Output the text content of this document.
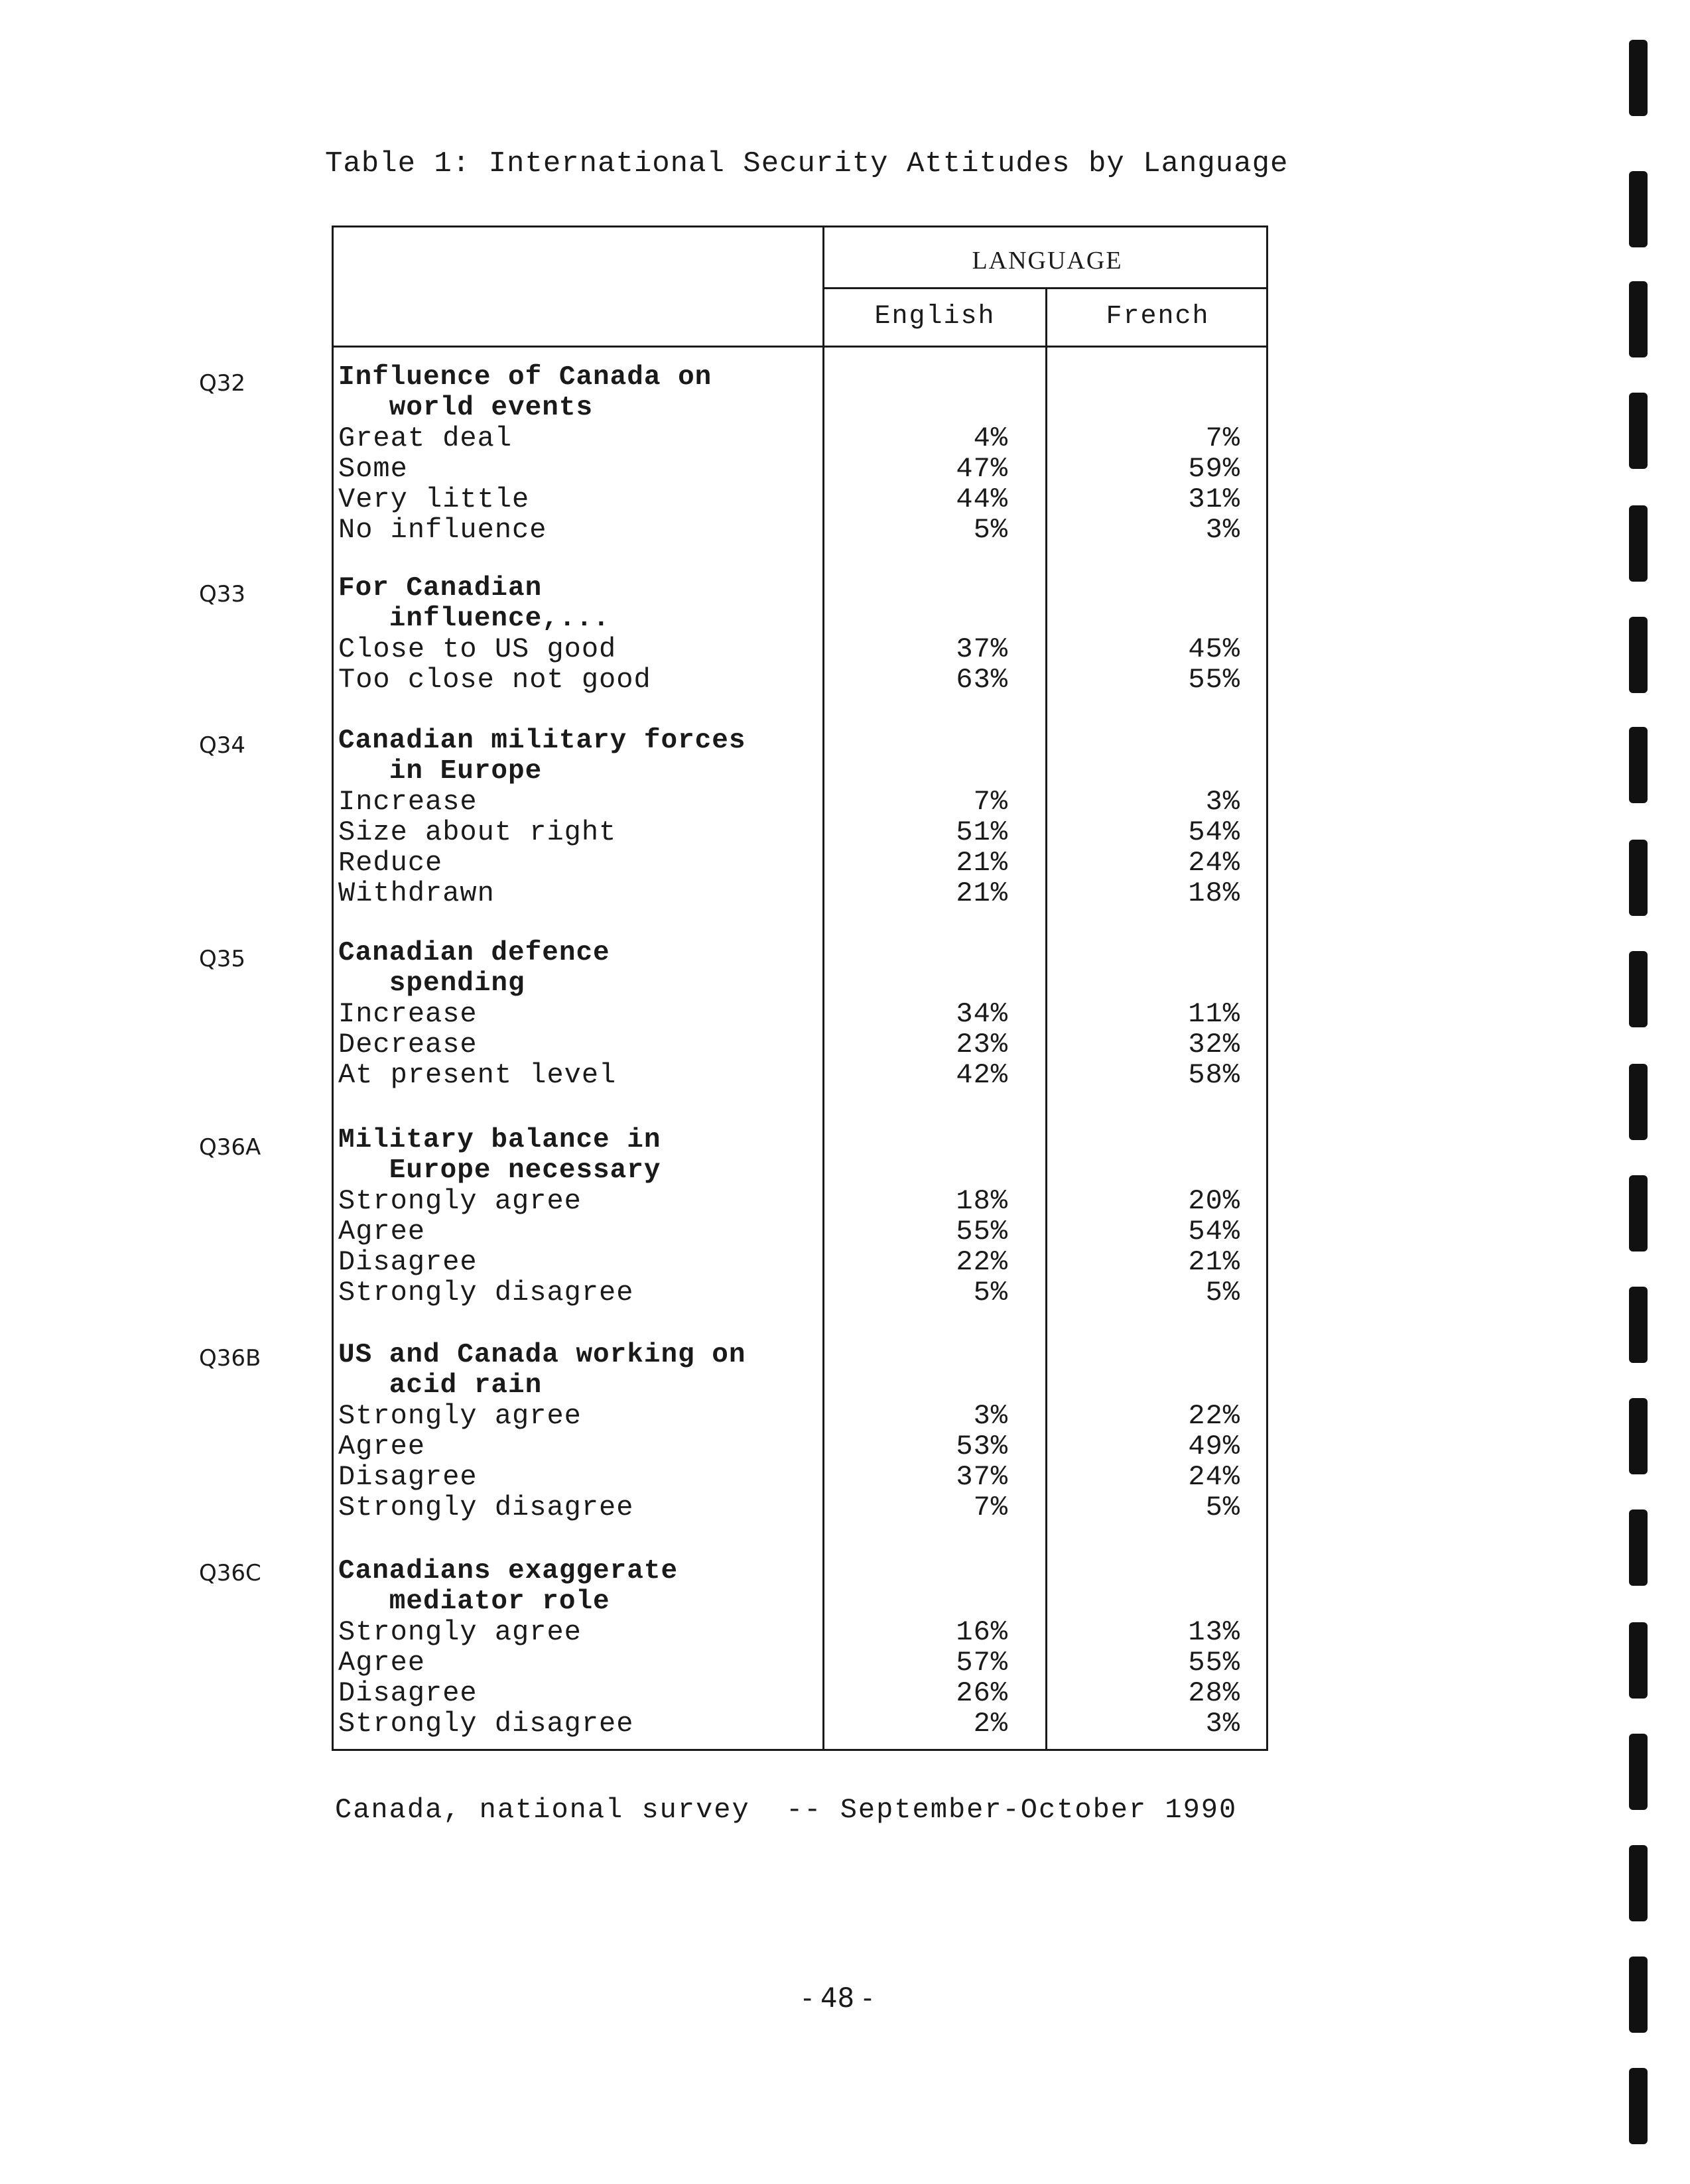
Table 1: International Security Attitudes by Language
LANGUAGE
English	French
Q32	Influence of Canada on
world events
Great deal	4%	7%
Some	47%	59%
Very little	44%	31%
No influence	5%	3%
Q33	For Canadian
influence,...
Close to US good	37%	45%
Too close not good	63%	55%
Q34	Canadian military forces
in Europe
Increase	7%	3%
Size about right	51%	54%
Reduce	21%	24%
Withdrawn	21%	18%
Q35	Canadian defence
spending
Increase	34%	11%
Decrease	23%	32%
At present level	42%	58%
Q36A	Military balance in
Europe necessary
Strongly agree	18%	20%
Agree	55%	54%
Disagree	22%	21%
Strongly disagree	5%	5%
Q36B	US and Canada working on
acid rain
Strongly agree	3%	22%
Agree	53%	49%
Disagree	37%	24%
Strongly disagree	7%	5%
Q36C	Canadians exaggerate
mediator role
Strongly agree	16%	13%
Agree	57%	55%
Disagree	26%	28%
Strongly disagree	2%	3%
Canada, national survey  -- September-October 1990
- 48 -
